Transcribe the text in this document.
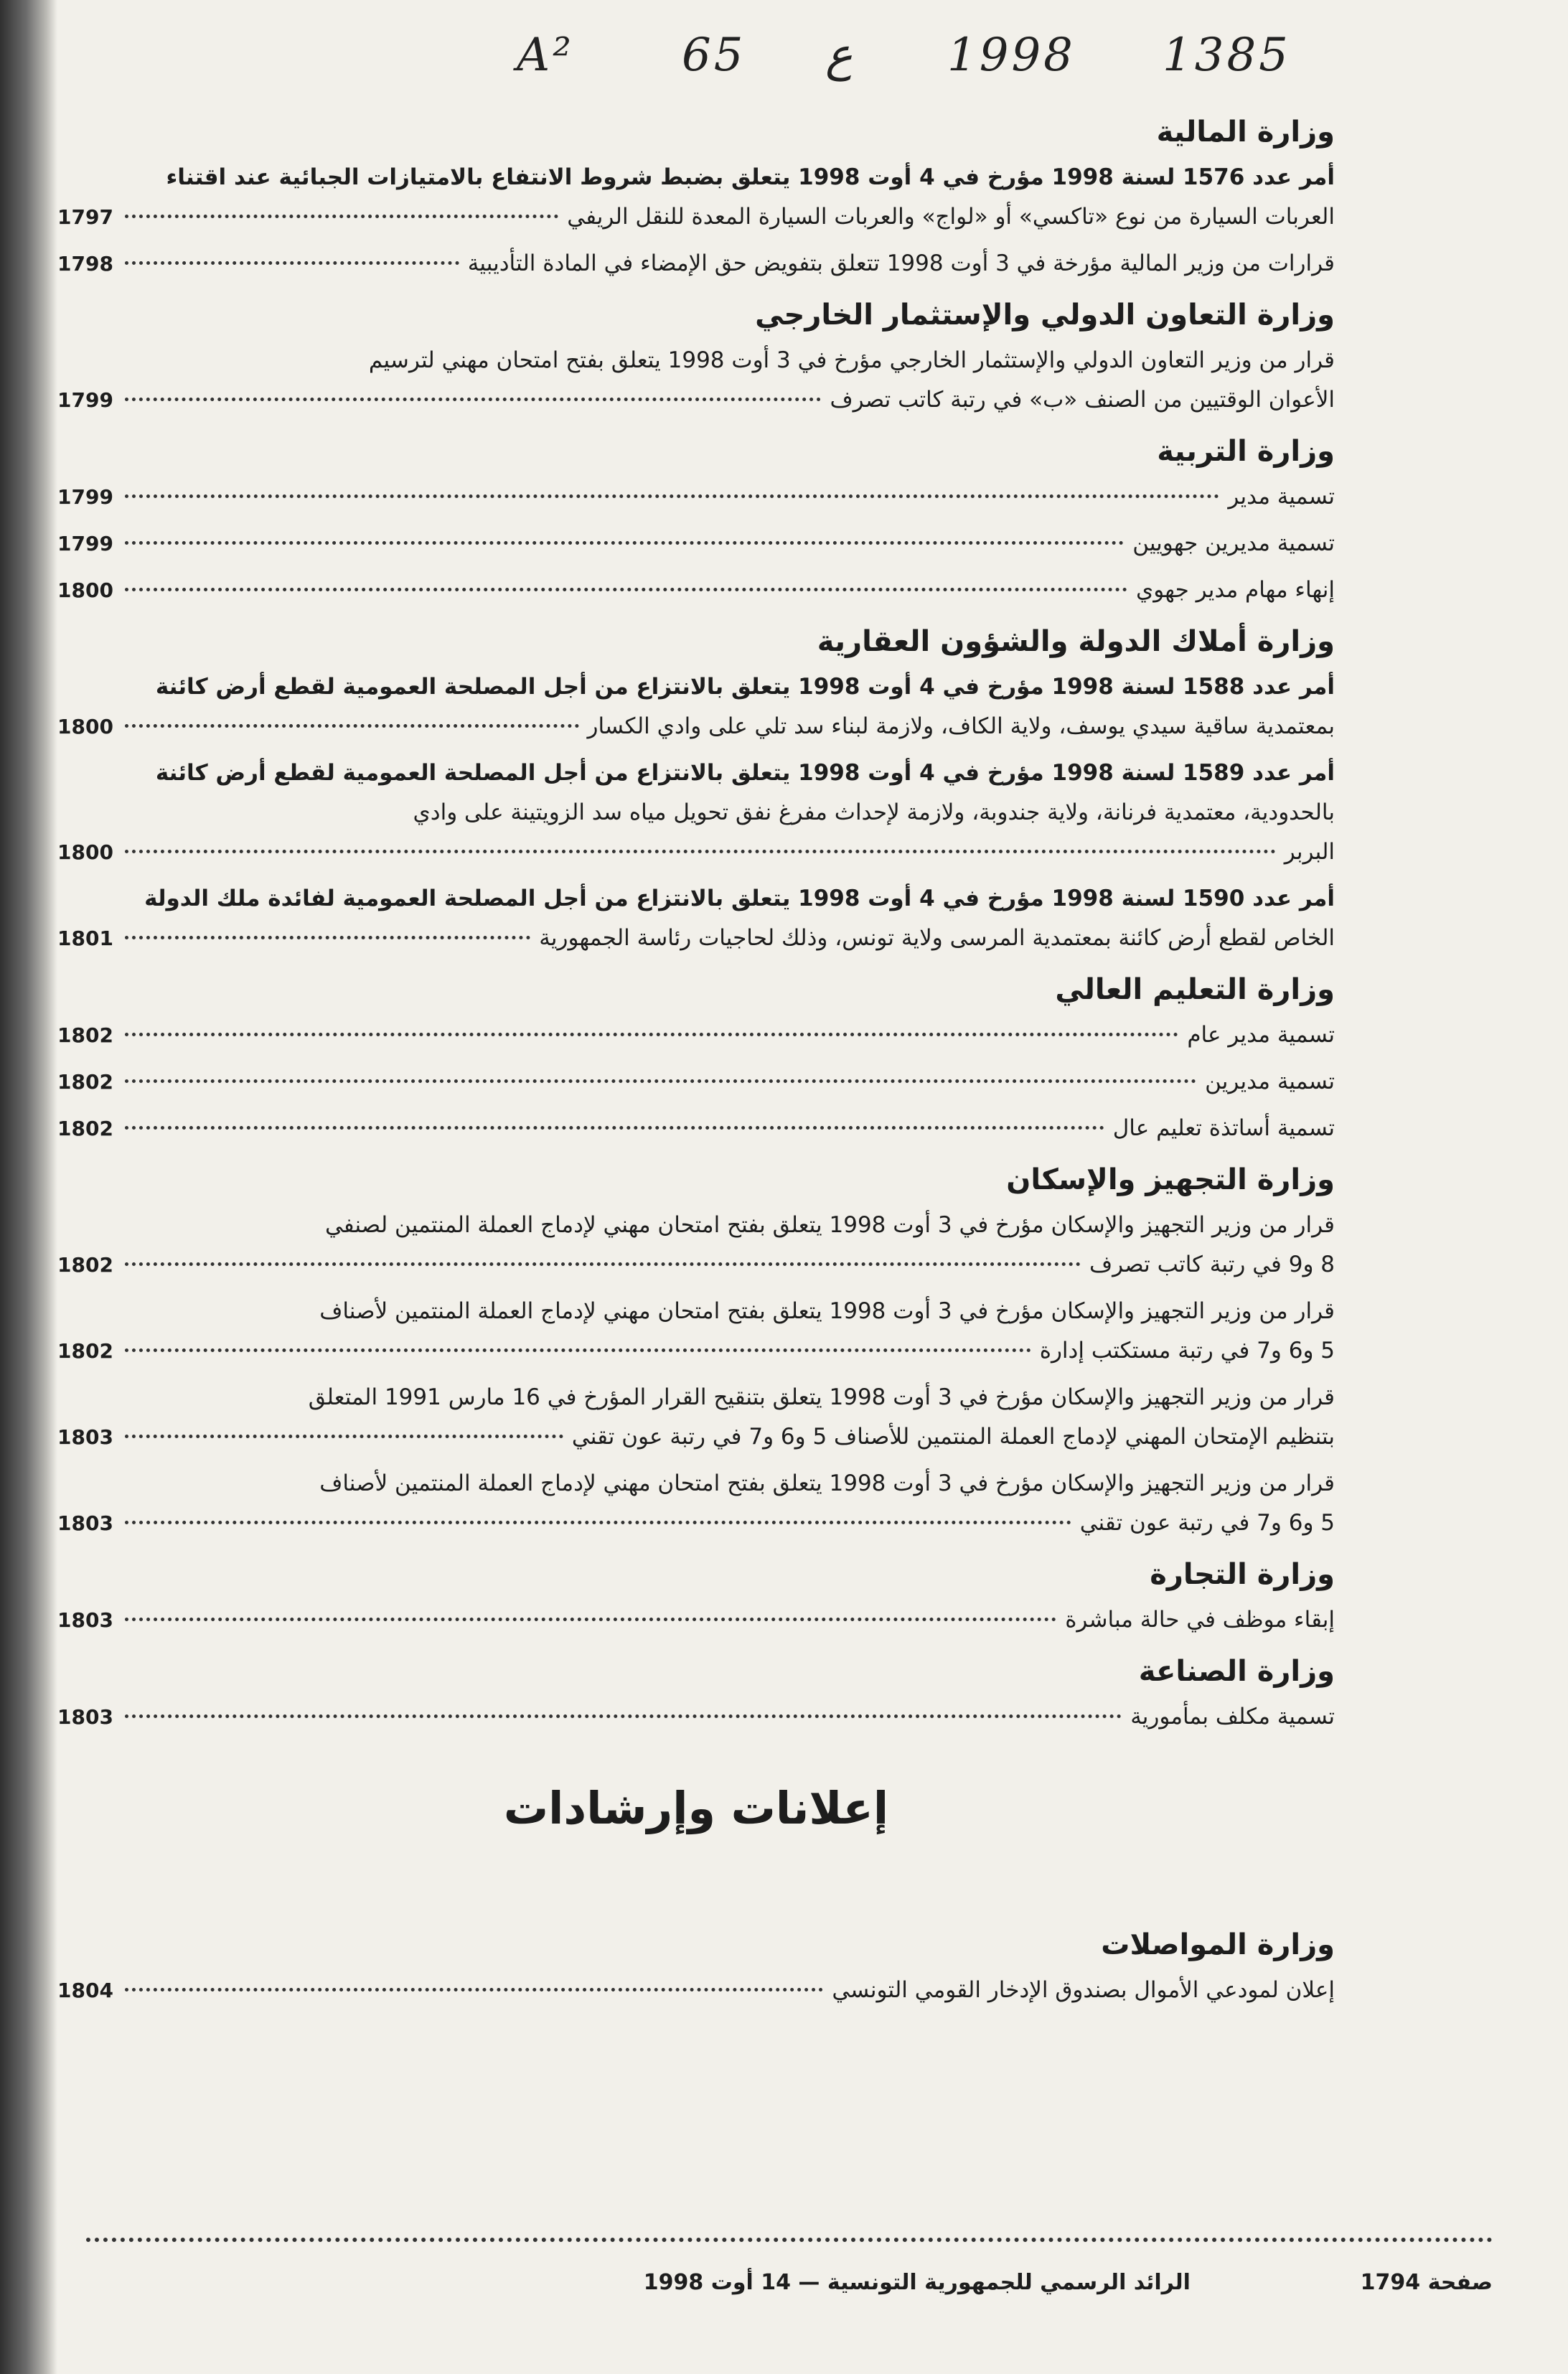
A² 65 ع 1998 1385
وزارة المالية
أمر عدد 1576 لسنة 1998 مؤرخ في 4 أوت 1998 يتعلق بضبط شروط الانتفاع بالامتيازات الجبائية عند اقتناء
العربات السيارة من نوع «تاكسي» أو «لواج» والعربات السيارة المعدة للنقل الريفي
1797
قرارات من وزير المالية مؤرخة في 3 أوت 1998 تتعلق بتفويض حق الإمضاء في المادة التأديبية
1798
وزارة التعاون الدولي والإستثمار الخارجي
قرار من وزير التعاون الدولي والإستثمار الخارجي مؤرخ في 3 أوت 1998 يتعلق بفتح امتحان مهني لترسيم
الأعوان الوقتيين من الصنف «ب» في رتبة كاتب تصرف
1799
وزارة التربية
تسمية مدير
1799
تسمية مديرين جهويين
1799
إنهاء مهام مدير جهوي
1800
وزارة أملاك الدولة والشؤون العقارية
أمر عدد 1588 لسنة 1998 مؤرخ في 4 أوت 1998 يتعلق بالانتزاع من أجل المصلحة العمومية لقطع أرض كائنة
بمعتمدية ساقية سيدي يوسف، ولاية الكاف، ولازمة لبناء سد تلي على وادي الكسار
1800
أمر عدد 1589 لسنة 1998 مؤرخ في 4 أوت 1998 يتعلق بالانتزاع من أجل المصلحة العمومية لقطع أرض كائنة
بالحدودية، معتمدية فرنانة، ولاية جندوبة، ولازمة لإحداث مفرغ نفق تحويل مياه سد الزويتينة على وادي
البربر
1800
أمر عدد 1590 لسنة 1998 مؤرخ في 4 أوت 1998 يتعلق بالانتزاع من أجل المصلحة العمومية لفائدة ملك الدولة
الخاص لقطع أرض كائنة بمعتمدية المرسى ولاية تونس، وذلك لحاجيات رئاسة الجمهورية
1801
وزارة التعليم العالي
تسمية مدير عام
1802
تسمية مديرين
1802
تسمية أساتذة تعليم عال
1802
وزارة التجهيز والإسكان
قرار من وزير التجهيز والإسكان مؤرخ في 3 أوت 1998 يتعلق بفتح امتحان مهني لإدماج العملة المنتمين لصنفي
8 و9 في رتبة كاتب تصرف
1802
قرار من وزير التجهيز والإسكان مؤرخ في 3 أوت 1998 يتعلق بفتح امتحان مهني لإدماج العملة المنتمين لأصناف
5 و6 و7 في رتبة مستكتب إدارة
1802
قرار من وزير التجهيز والإسكان مؤرخ في 3 أوت 1998 يتعلق بتنقيح القرار المؤرخ في 16 مارس 1991 المتعلق
بتنظيم الإمتحان المهني لإدماج العملة المنتمين للأصناف 5 و6 و7 في رتبة عون تقني
1803
قرار من وزير التجهيز والإسكان مؤرخ في 3 أوت 1998 يتعلق بفتح امتحان مهني لإدماج العملة المنتمين لأصناف
5 و6 و7 في رتبة عون تقني
1803
وزارة التجارة
إبقاء موظف في حالة مباشرة
1803
وزارة الصناعة
تسمية مكلف بمأمورية
1803
إعلانات وإرشادات
وزارة المواصلات
إعلان لمودعي الأموال بصندوق الإدخار القومي التونسي
1804
صفحة 1794
الرائد الرسمي للجمهورية التونسية — 14 أوت 1998
